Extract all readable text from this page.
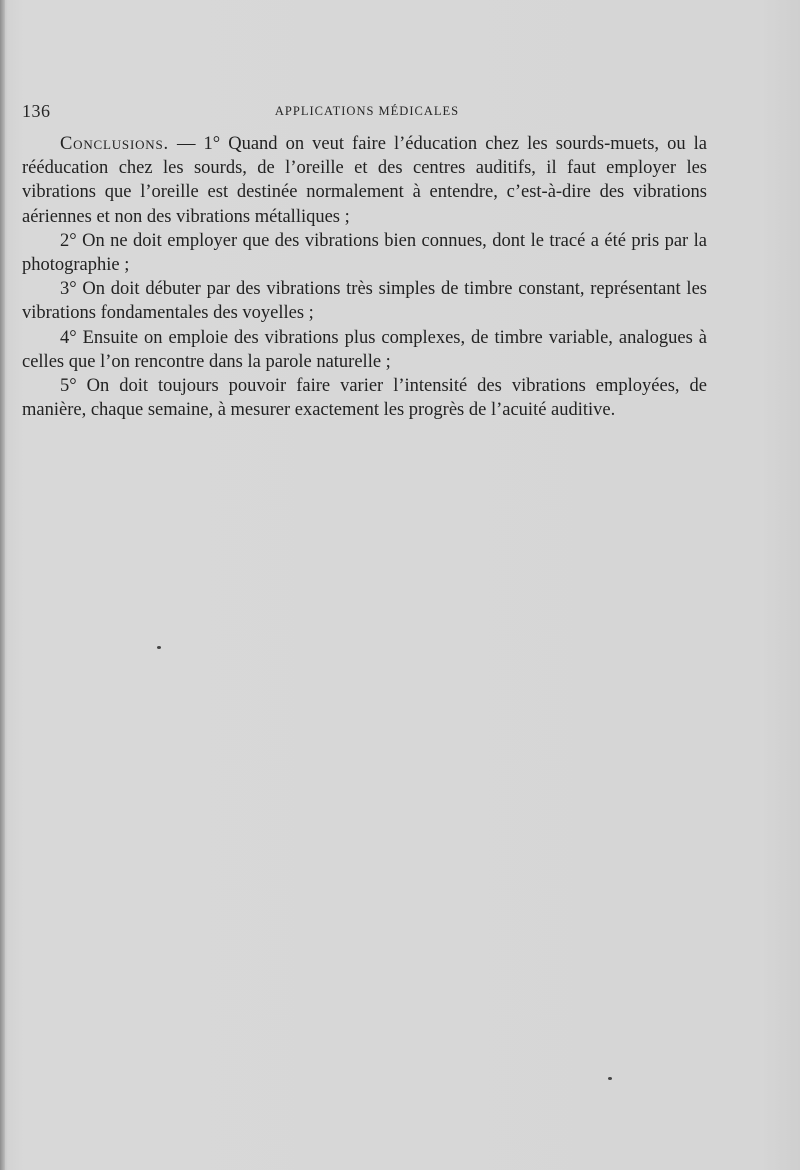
136	APPLICATIONS MÉDICALES

Conclusions. — 1° Quand on veut faire l’éducation chez les sourds-muets, ou la rééducation chez les sourds, de l’oreille et des centres auditifs, il faut employer les vibrations que l’oreille est destinée normalement à entendre, c’est-à-dire des vibrations aériennes et non des vibrations métalliques ;

2° On ne doit employer que des vibrations bien connues, dont le tracé a été pris par la photographie ;

3° On doit débuter par des vibrations très simples de timbre constant, représentant les vibrations fondamentales des voyelles ;

4° Ensuite on emploie des vibrations plus complexes, de timbre variable, analogues à celles que l’on rencontre dans la parole naturelle ;

5° On doit toujours pouvoir faire varier l’intensité des vibrations employées, de manière, chaque semaine, à mesurer exactement les progrès de l’acuité auditive.
